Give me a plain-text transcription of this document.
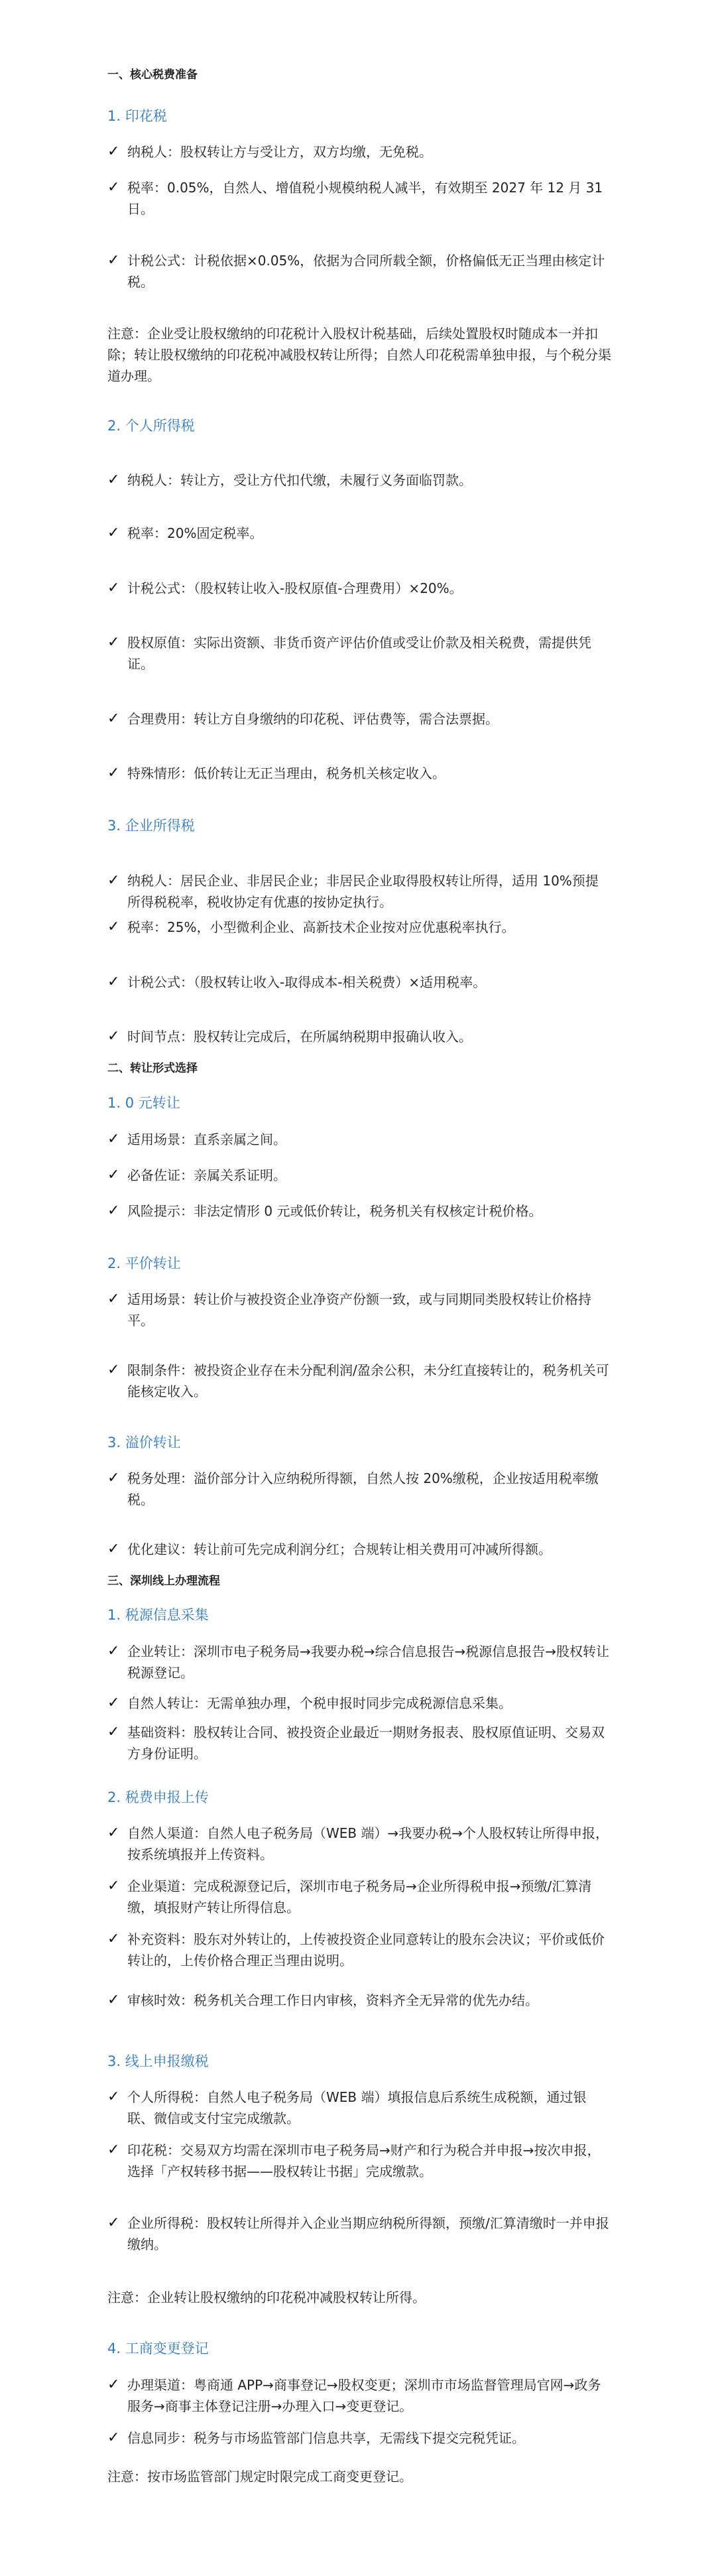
一、核心税费准备
1. 印花税
✓ 纳税人：股权转让方与受让方，双方均缴，无免税。
✓ 税率：0.05%，自然人、增值税小规模纳税人减半，有效期至 2027 年 12 月 31 日。
✓ 计税公式：计税依据×0.05%，依据为合同所载全额，价格偏低无正当理由核定计税。
注意：企业受让股权缴纳的印花税计入股权计税基础，后续处置股权时随成本一并扣除；转让股权缴纳的印花税冲减股权转让所得；自然人印花税需单独申报，与个税分渠道办理。
2. 个人所得税
✓ 纳税人：转让方，受让方代扣代缴，未履行义务面临罚款。
✓ 税率：20%固定税率。
✓ 计税公式：（股权转让收入-股权原值-合理费用）×20%。
✓ 股权原值：实际出资额、非货币资产评估价值或受让价款及相关税费，需提供凭证。
✓ 合理费用：转让方自身缴纳的印花税、评估费等，需合法票据。
✓ 特殊情形：低价转让无正当理由，税务机关核定收入。
3. 企业所得税
✓ 纳税人：居民企业、非居民企业；非居民企业取得股权转让所得，适用 10%预提所得税税率，税收协定有优惠的按协定执行。
✓ 税率：25%，小型微利企业、高新技术企业按对应优惠税率执行。
✓ 计税公式：（股权转让收入-取得成本-相关税费）×适用税率。
✓ 时间节点：股权转让完成后，在所属纳税期申报确认收入。
二、转让形式选择
1. 0 元转让
✓ 适用场景：直系亲属之间。
✓ 必备佐证：亲属关系证明。
✓ 风险提示：非法定情形 0 元或低价转让，税务机关有权核定计税价格。
2. 平价转让
✓ 适用场景：转让价与被投资企业净资产份额一致，或与同期同类股权转让价格持平。
✓ 限制条件：被投资企业存在未分配利润/盈余公积，未分红直接转让的，税务机关可能核定收入。
3. 溢价转让
✓ 税务处理：溢价部分计入应纳税所得额，自然人按 20%缴税，企业按适用税率缴税。
✓ 优化建议：转让前可先完成利润分红；合规转让相关费用可冲减所得额。
三、深圳线上办理流程
1. 税源信息采集
✓ 企业转让：深圳市电子税务局→我要办税→综合信息报告→税源信息报告→股权转让税源登记。
✓ 自然人转让：无需单独办理，个税申报时同步完成税源信息采集。
✓ 基础资料：股权转让合同、被投资企业最近一期财务报表、股权原值证明、交易双方身份证明。
2. 税费申报上传
✓ 自然人渠道：自然人电子税务局（WEB 端）→我要办税→个人股权转让所得申报，按系统填报并上传资料。
✓ 企业渠道：完成税源登记后，深圳市电子税务局→企业所得税申报→预缴/汇算清缴，填报财产转让所得信息。
✓ 补充资料：股东对外转让的，上传被投资企业同意转让的股东会决议；平价或低价转让的，上传价格合理正当理由说明。
✓ 审核时效：税务机关合理工作日内审核，资料齐全无异常的优先办结。
3. 线上申报缴税
✓ 个人所得税：自然人电子税务局（WEB 端）填报信息后系统生成税额，通过银联、微信或支付宝完成缴款。
✓ 印花税：交易双方均需在深圳市电子税务局→财产和行为税合并申报→按次申报，选择「产权转移书据——股权转让书据」完成缴款。
✓ 企业所得税：股权转让所得并入企业当期应纳税所得额，预缴/汇算清缴时一并申报缴纳。
注意：企业转让股权缴纳的印花税冲减股权转让所得。
4. 工商变更登记
✓ 办理渠道：粤商通 APP→商事登记→股权变更；深圳市市场监督管理局官网→政务服务→商事主体登记注册→办理入口→变更登记。
✓ 信息同步：税务与市场监管部门信息共享，无需线下提交完税凭证。
注意：按市场监管部门规定时限完成工商变更登记。
